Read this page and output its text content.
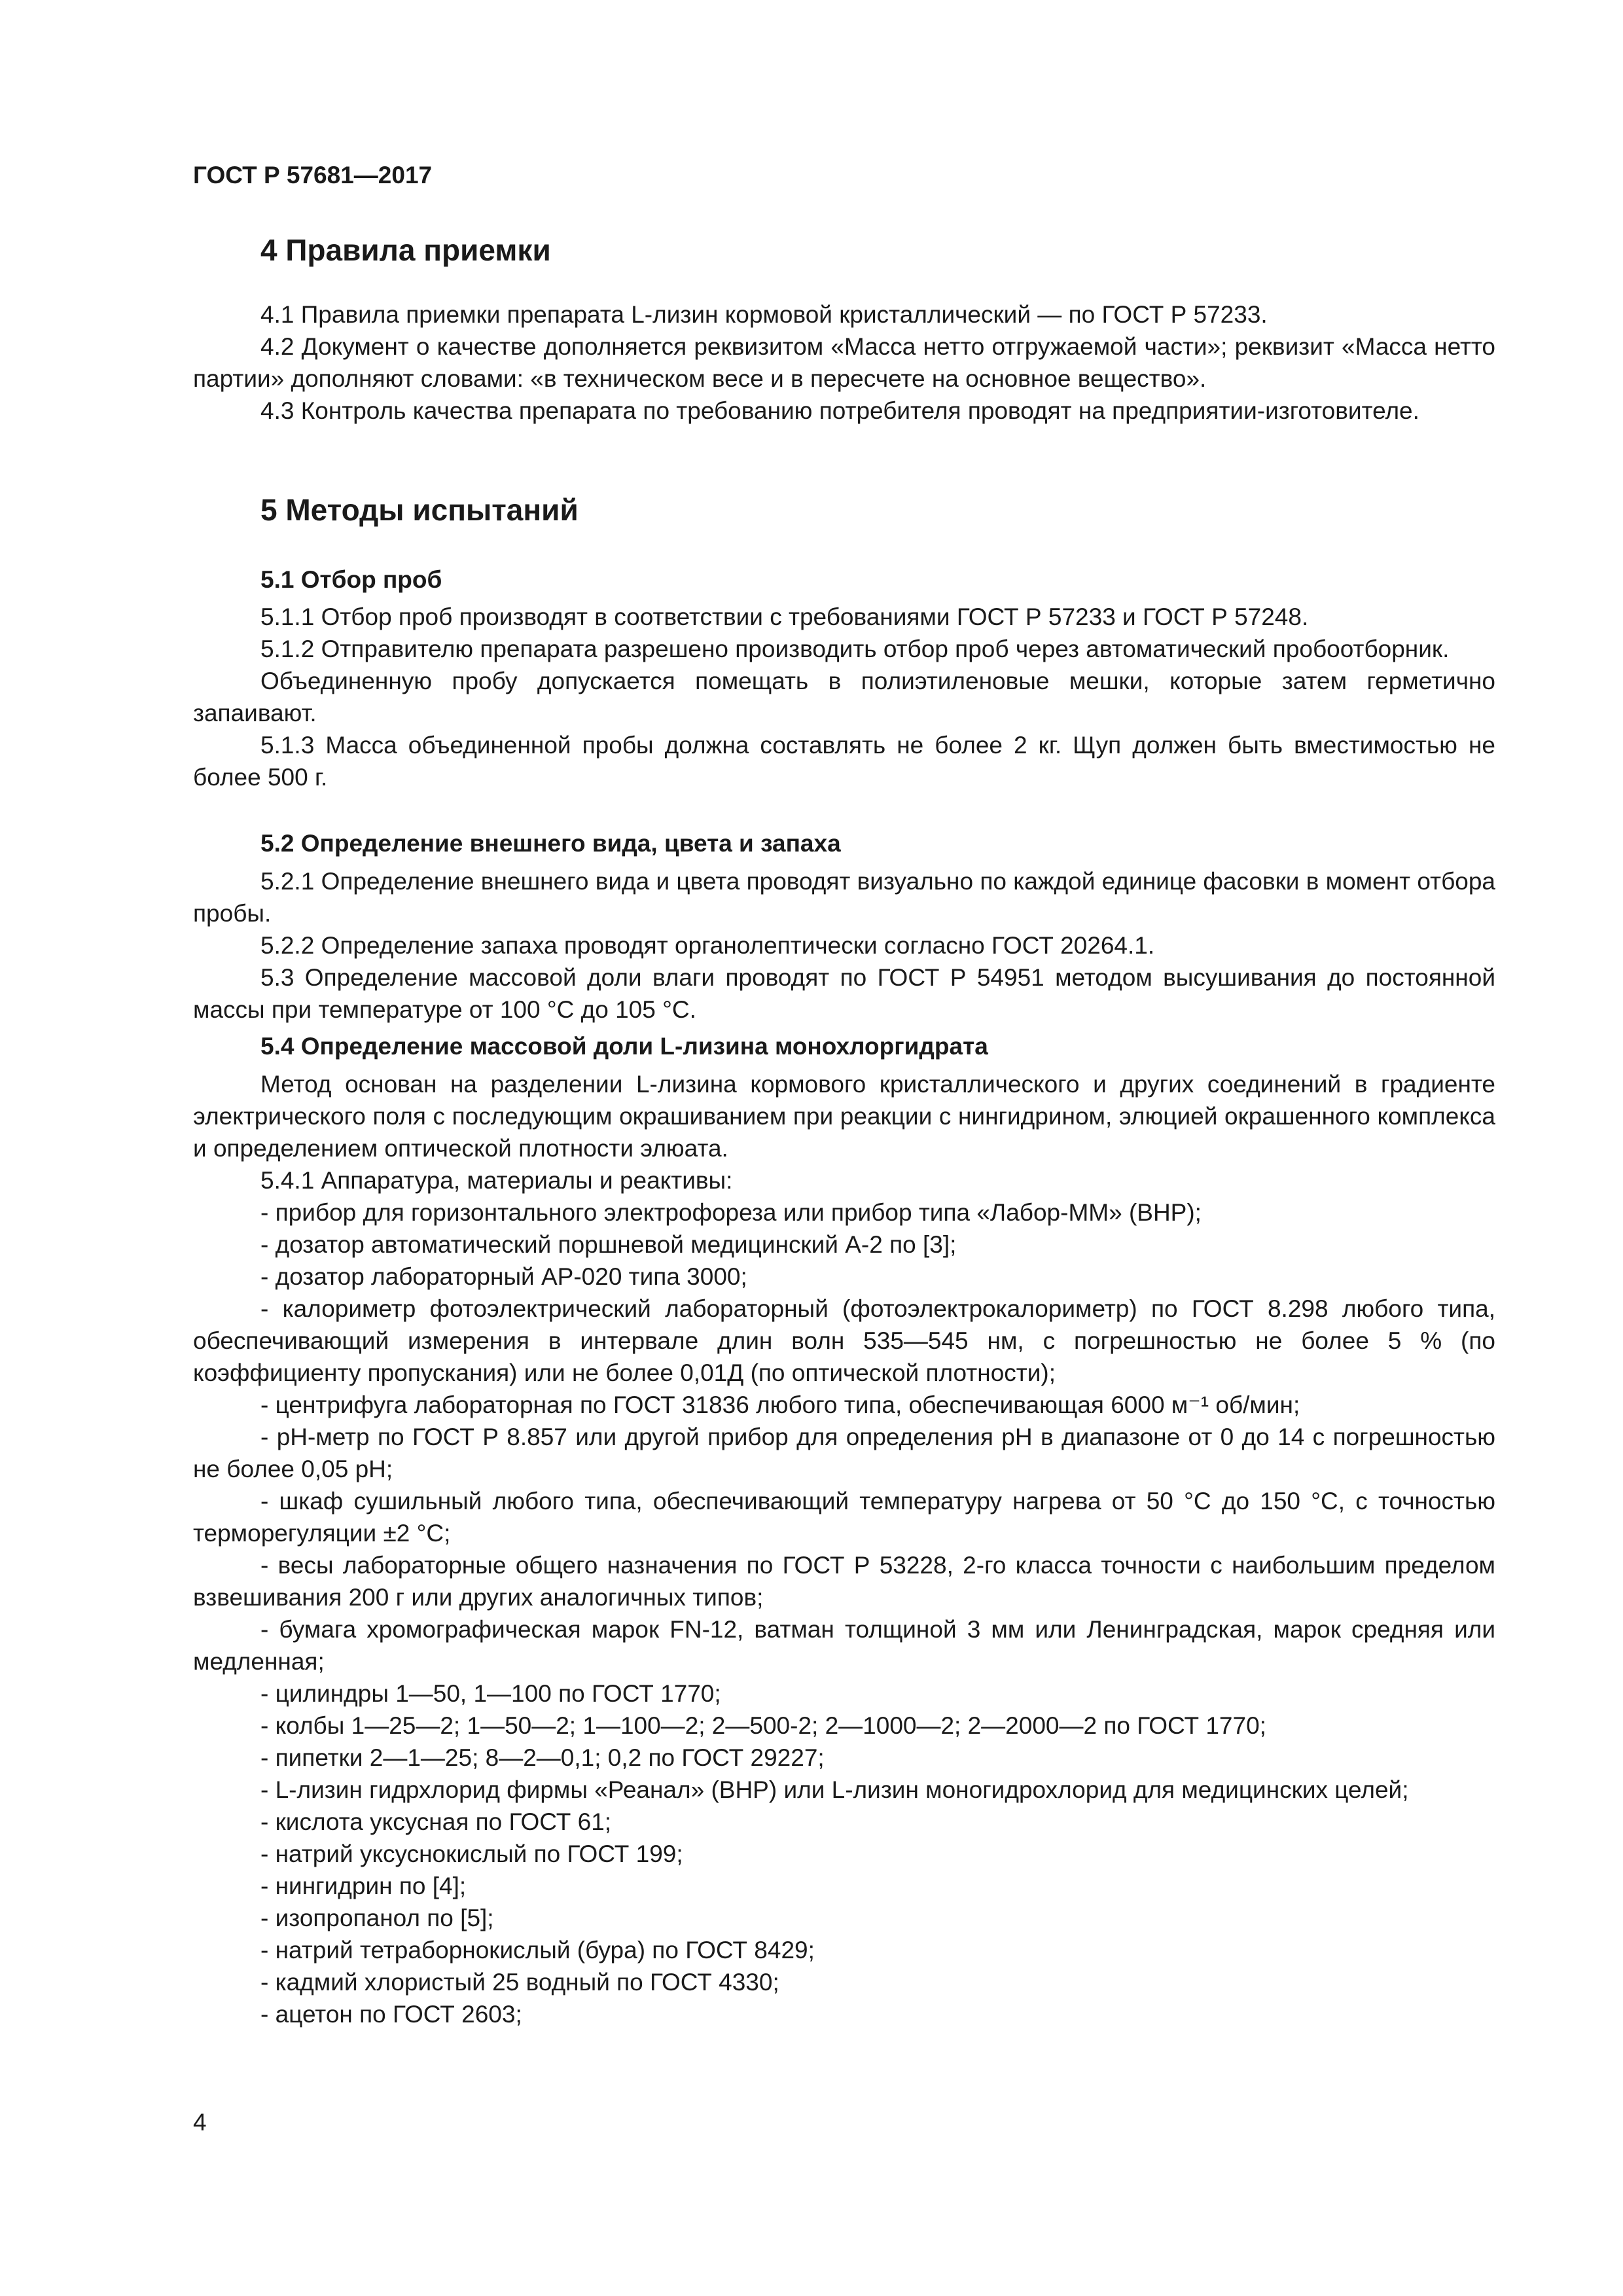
ГОСТ Р 57681—2017
4 Правила приемки

4.1 Правила приемки препарата L-лизин кормовой кристаллический — по ГОСТ Р 57233.

4.2 Документ о качестве дополняется реквизитом «Масса нетто отгружаемой части»; реквизит «Масса нетто партии» дополняют словами: «в техническом весе и в пересчете на основное вещество».

4.3 Контроль качества препарата по требованию потребителя проводят на предприятии-изготовителе.

5 Методы испытаний
5.1 Отбор проб

5.1.1 Отбор проб производят в соответствии с требованиями ГОСТ Р 57233 и ГОСТ Р 57248.

5.1.2 Отправителю препарата разрешено производить отбор проб через автоматический пробоотборник.

Объединенную пробу допускается помещать в полиэтиленовые мешки, которые затем герметично запаивают.

5.1.3 Масса объединенной пробы должна составлять не более 2 кг. Щуп должен быть вместимостью не более 500 г.

5.2 Определение внешнего вида, цвета и запаха

5.2.1 Определение внешнего вида и цвета проводят визуально по каждой единице фасовки в момент отбора пробы.

5.2.2 Определение запаха проводят органолептически согласно ГОСТ 20264.1.

5.3 Определение массовой доли влаги проводят по ГОСТ Р 54951 методом высушивания до постоянной массы при температуре от 100 °С до 105 °С.

5.4 Определение массовой доли L-лизина монохлоргидрата

Метод основан на разделении L-лизина кормового кристаллического и других соединений в градиенте электрического поля с последующим окрашиванием при реакции с нингидрином, элюцией окрашенного комплекса и определением оптической плотности элюата.

5.4.1 Аппаратура, материалы и реактивы:

- прибор для горизонтального электрофореза или прибор типа «Лабор-ММ» (ВНР);

- дозатор автоматический поршневой медицинский А-2 по [3];

- дозатор лабораторный АР-020 типа 3000;

- калориметр фотоэлектрический лабораторный (фотоэлектрокалориметр) по ГОСТ 8.298 любого типа, обеспечивающий измерения в интервале длин волн 535—545 нм, с погрешностью не более 5 % (по коэффициенту пропускания) или не более 0,01Д (по оптической плотности);

- центрифуга лабораторная по ГОСТ 31836 любого типа, обеспечивающая 6000 м⁻¹ об/мин;

- pH-метр по ГОСТ Р 8.857 или другой прибор для определения pH в диапазоне от 0 до 14 с погрешностью не более 0,05 pH;

- шкаф сушильный любого типа, обеспечивающий температуру нагрева от 50 °С до 150 °С, с точностью терморегуляции ±2 °С;

- весы лабораторные общего назначения по ГОСТ Р 53228, 2-го класса точности с наибольшим пределом взвешивания 200 г или других аналогичных типов;

- бумага хромографическая марок FN-12, ватман толщиной 3 мм или Ленинградская, марок средняя или медленная;

- цилиндры 1—50, 1—100 по ГОСТ 1770;

- колбы 1—25—2; 1—50—2; 1—100—2; 2—500-2; 2—1000—2; 2—2000—2 по ГОСТ 1770;

- пипетки 2—1—25; 8—2—0,1; 0,2 по ГОСТ 29227;

- L-лизин гидрхлорид фирмы «Реанал» (ВНР) или L-лизин моногидрохлорид для медицинских целей;

- кислота уксусная по ГОСТ 61;

- натрий уксуснокислый по ГОСТ 199;

- нингидрин по [4];

- изопропанол по [5];

- натрий тетраборнокислый (бура) по ГОСТ 8429;

- кадмий хлористый 25 водный по ГОСТ 4330;

- ацетон по ГОСТ 2603;

4
